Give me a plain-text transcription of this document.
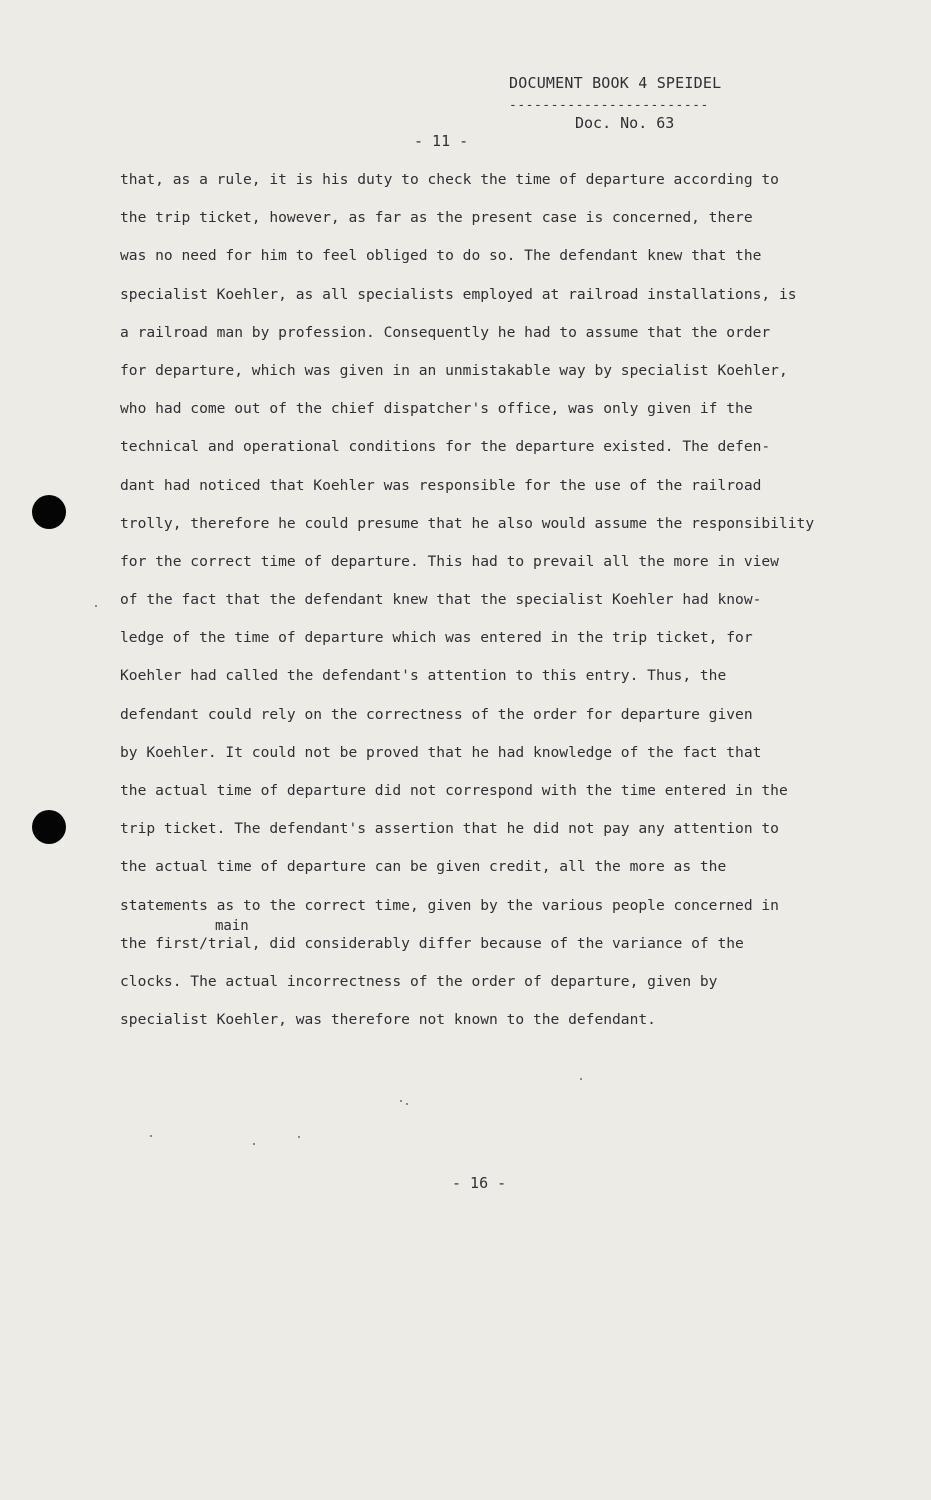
DOCUMENT BOOK 4 SPEIDEL
------------------------
Doc. No. 63
- 11 -
that, as a rule, it is his duty to check the time of departure according to
the trip ticket, however, as far as the present case is concerned, there
was no need for him to feel obliged to do so. The defendant knew that the
specialist Koehler, as all specialists employed at railroad installations, is
a railroad man by profession. Consequently he had to assume that the order
for departure, which was given in an unmistakable way by specialist Koehler,
who had come out of the chief dispatcher's office, was only given if the
technical and operational conditions for the departure existed. The defen-
dant had noticed that Koehler was responsible for the use of the railroad
trolly, therefore he could presume that he also would assume the responsibility
for the correct time of departure. This had to prevail all the more in view
of the fact that the defendant knew that the specialist Koehler had know-
ledge of the time of departure which was entered in the trip ticket, for
Koehler had called the defendant's attention to this entry. Thus, the
defendant could rely on the correctness of the order for departure given
by Koehler. It could not be proved that he had knowledge of the fact that
the actual time of departure did not correspond with the time entered in the
trip ticket. The defendant's assertion that he did not pay any attention to
the actual time of departure can be given credit, all the more as the
statements as to the correct time, given by the various people concerned in
main
the first/trial, did considerably differ because of the variance of the
clocks. The actual incorrectness of the order of departure, given by
specialist Koehler, was therefore not known to the defendant.
- 16 -
